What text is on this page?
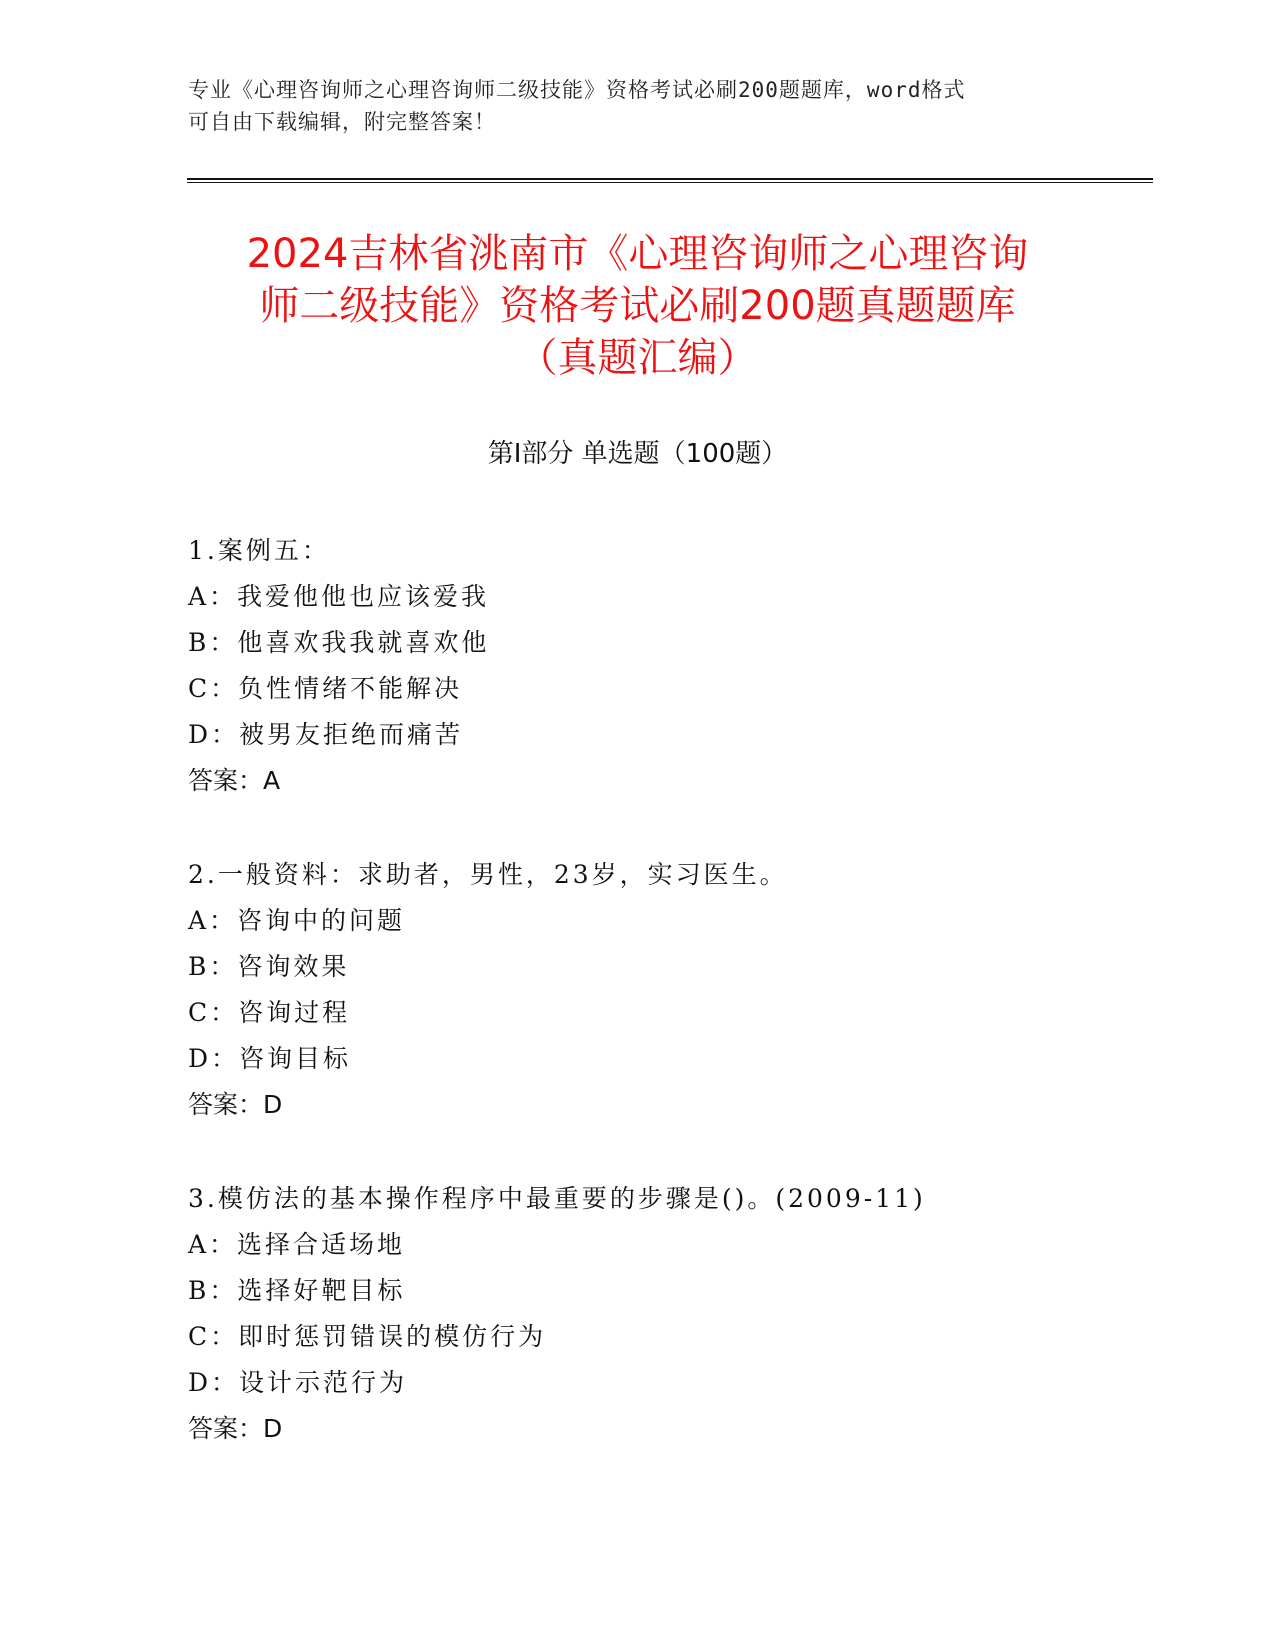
专业《心理咨询师之心理咨询师二级技能》资格考试必刷200题题库，word格式
可自由下载编辑，附完整答案！
2024吉林省洮南市《心理咨询师之心理咨询
师二级技能》资格考试必刷200题真题题库
（真题汇编）
第Ⅰ部分 单选题（100题）
1.案例五：
A：我爱他他也应该爱我
B：他喜欢我我就喜欢他
C：负性情绪不能解决
D：被男友拒绝而痛苦
答案：A
2.一般资料：求助者，男性，23岁，实习医生。
A：咨询中的问题
B：咨询效果
C：咨询过程
D：咨询目标
答案：D
3.模仿法的基本操作程序中最重要的步骤是()。(2009-11)
A：选择合适场地
B：选择好靶目标
C：即时惩罚错误的模仿行为
D：设计示范行为
答案：D
